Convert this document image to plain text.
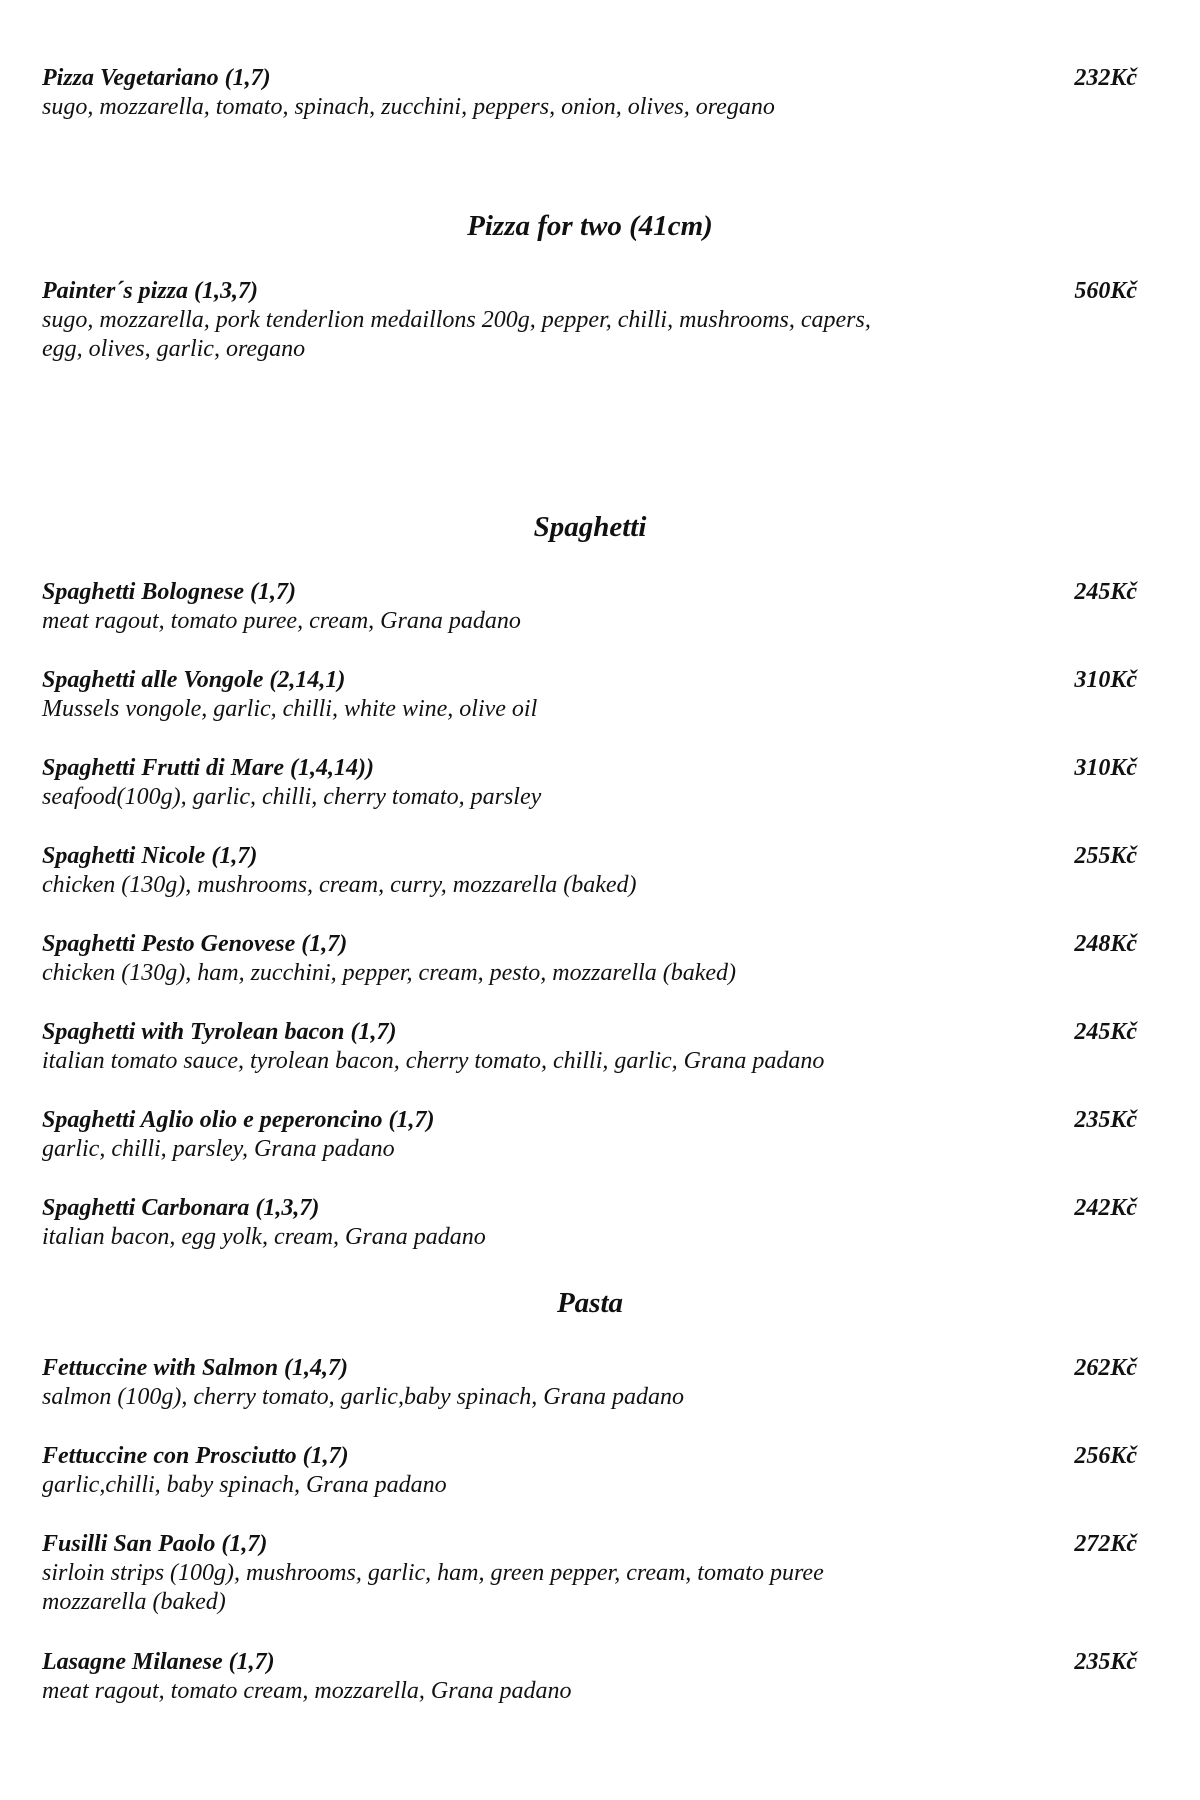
Pizza Vegetariano (1,7)	232Kč
sugo, mozzarella, tomato, spinach, zucchini, peppers, onion, olives, oregano
Pizza for two (41cm)
Painter´s pizza (1,3,7)	560Kč
sugo, mozzarella, pork tenderlion medaillons 200g, pepper, chilli, mushrooms, capers,
egg, olives, garlic, oregano
Spaghetti
Spaghetti Bolognese (1,7)	245Kč
meat ragout, tomato puree, cream, Grana padano
Spaghetti alle Vongole (2,14,1)	310Kč
Mussels vongole, garlic, chilli, white wine, olive oil
Spaghetti Frutti di Mare (1,4,14))	310Kč
seafood(100g), garlic, chilli, cherry tomato, parsley
Spaghetti Nicole (1,7)	255Kč
chicken (130g), mushrooms, cream, curry, mozzarella (baked)
Spaghetti Pesto Genovese (1,7)	248Kč
chicken (130g), ham, zucchini, pepper, cream, pesto, mozzarella (baked)
Spaghetti with Tyrolean bacon (1,7)	245Kč
italian tomato sauce, tyrolean bacon, cherry tomato, chilli, garlic, Grana padano
Spaghetti Aglio olio e peperoncino (1,7)	235Kč
garlic, chilli, parsley, Grana padano
Spaghetti Carbonara (1,3,7)	242Kč
italian bacon, egg yolk, cream, Grana padano
Pasta
Fettuccine with Salmon (1,4,7)	262Kč
salmon (100g), cherry tomato, garlic,baby spinach, Grana padano
Fettuccine con Prosciutto (1,7)	256Kč
garlic,chilli, baby spinach, Grana padano
Fusilli San Paolo (1,7)	272Kč
sirloin strips (100g), mushrooms, garlic, ham, green pepper, cream, tomato puree
mozzarella (baked)
Lasagne Milanese (1,7)	235Kč
meat ragout, tomato cream, mozzarella, Grana padano
